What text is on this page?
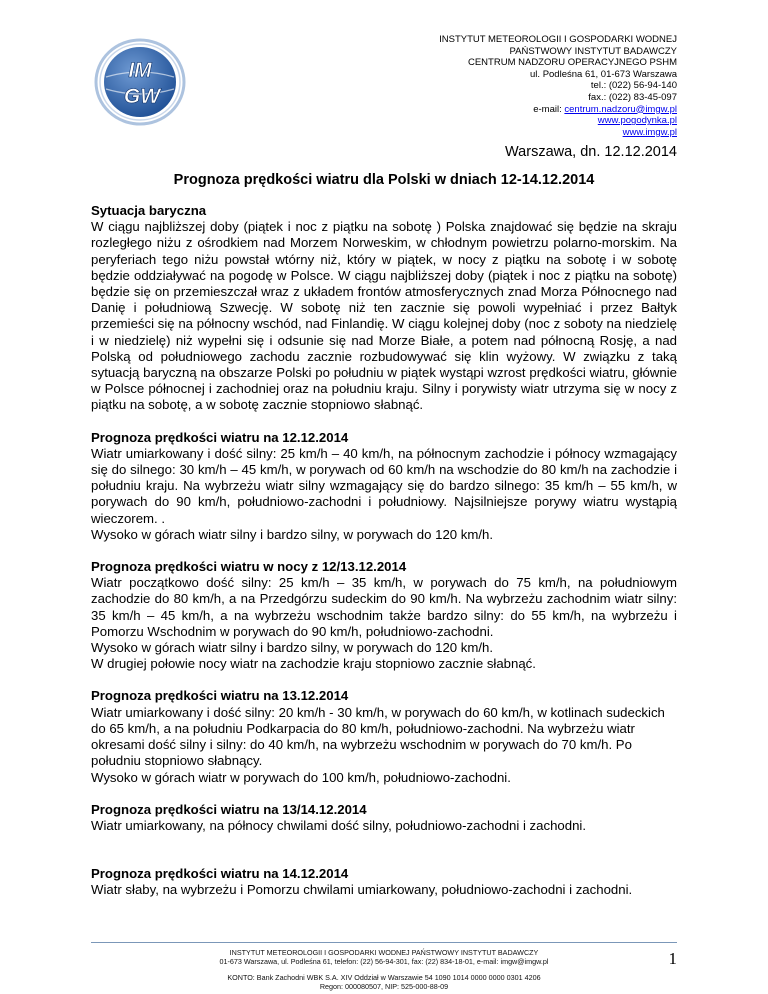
IM
GW
INSTYTUT METEOROLOGII I GOSPODARKI WODNEJ
PAŃSTWOWY INSTYTUT BADAWCZY
CENTRUM NADZORU OPERACYJNEGO PSHM
ul. Podleśna 61, 01-673 Warszawa
tel.: (022) 56-94-140
fax.: (022) 83-45-097
e-mail: centrum.nadzoru@imgw.pl
www.pogodynka.pl
www.imgw.pl
Warszawa, dn. 12.12.2014
Prognoza prędkości wiatru dla Polski w dniach 12-14.12.2014

Sytuacja baryczna

W ciągu najbliższej doby (piątek i noc z piątku na sobotę ) Polska znajdować się będzie na skraju rozległego niżu z ośrodkiem nad Morzem Norweskim, w chłodnym powietrzu polarno-morskim. Na peryferiach tego niżu powstał wtórny niż, który w piątek, w nocy z piątku na sobotę i w sobotę będzie oddziaływać na pogodę w Polsce. W ciągu najbliższej doby (piątek i noc z piątku na sobotę) będzie się on przemieszczał wraz z układem frontów atmosferycznych znad Morza Północnego nad Danię i południową Szwecję. W sobotę niż ten zacznie się powoli wypełniać i przez Bałtyk przemieści się na północny wschód, nad Finlandię. W ciągu kolejnej doby (noc z soboty na niedzielę i w niedzielę) niż wypełni się i odsunie się nad Morze Białe, a potem nad północną Rosję, a nad Polską od południowego zachodu zacznie rozbudowywać się klin wyżowy. W związku z taką sytuacją baryczną na obszarze Polski po południu w piątek wystąpi wzrost prędkości wiatru, głównie w Polsce północnej i zachodniej oraz na południu kraju. Silny i porywisty wiatr utrzyma się w nocy z piątku na sobotę, a w sobotę zacznie stopniowo słabnąć.

Prognoza prędkości wiatru na 12.12.2014

Wiatr umiarkowany i dość silny: 25 km/h – 40 km/h, na północnym zachodzie i północy wzmagający się do silnego: 30 km/h – 45 km/h, w porywach od 60 km/h na wschodzie do 80 km/h na zachodzie i południu kraju. Na wybrzeżu wiatr silny wzmagający się do bardzo silnego: 35 km/h – 55 km/h, w porywach do 90 km/h, południowo-zachodni i południowy. Najsilniejsze porywy wiatru wystąpią wieczorem. .

Wysoko w górach wiatr silny i bardzo silny, w porywach do 120 km/h.

Prognoza prędkości wiatru w nocy z 12/13.12.2014

Wiatr początkowo dość silny: 25 km/h – 35 km/h, w porywach do 75 km/h, na południowym zachodzie do 80 km/h, a na Przedgórzu sudeckim do 90 km/h. Na wybrzeżu zachodnim wiatr silny: 35 km/h – 45 km/h, a na wybrzeżu wschodnim także bardzo silny: do 55 km/h, na wybrzeżu i Pomorzu Wschodnim w porywach do 90 km/h, południowo-zachodni.

Wysoko w górach wiatr silny i bardzo silny, w porywach do 120 km/h.

W drugiej połowie nocy wiatr na zachodzie kraju stopniowo zacznie słabnąć.

Prognoza prędkości wiatru na 13.12.2014

Wiatr umiarkowany i dość silny: 20 km/h - 30 km/h, w porywach do 60 km/h, w kotlinach sudeckich do 65 km/h, a na południu Podkarpacia do 80 km/h, południowo-zachodni. Na wybrzeżu wiatr okresami dość silny i silny: do 40 km/h, na wybrzeżu wschodnim w porywach do 70 km/h. Po południu stopniowo słabnący.

Wysoko w górach wiatr w porywach do 100 km/h, południowo-zachodni.

Prognoza prędkości wiatru na 13/14.12.2014

Wiatr umiarkowany, na północy chwilami dość silny, południowo-zachodni i zachodni.

Prognoza prędkości wiatru na 14.12.2014

Wiatr słaby, na wybrzeżu i Pomorzu chwilami umiarkowany, południowo-zachodni i zachodni.

INSTYTUT METEOROLOGII I GOSPODARKI WODNEJ PAŃSTWOWY INSTYTUT BADAWCZY
01-673 Warszawa, ul. Podleśna 61, telefon: (22) 56-94-301, fax: (22) 834-18-01, e-mail: imgw@imgw.pl
KONTO: Bank Zachodni WBK S.A. XIV Oddział w Warszawie 54 1090 1014 0000 0000 0301 4206
Regon: 000080507, NIP: 525-000-88-09
1
